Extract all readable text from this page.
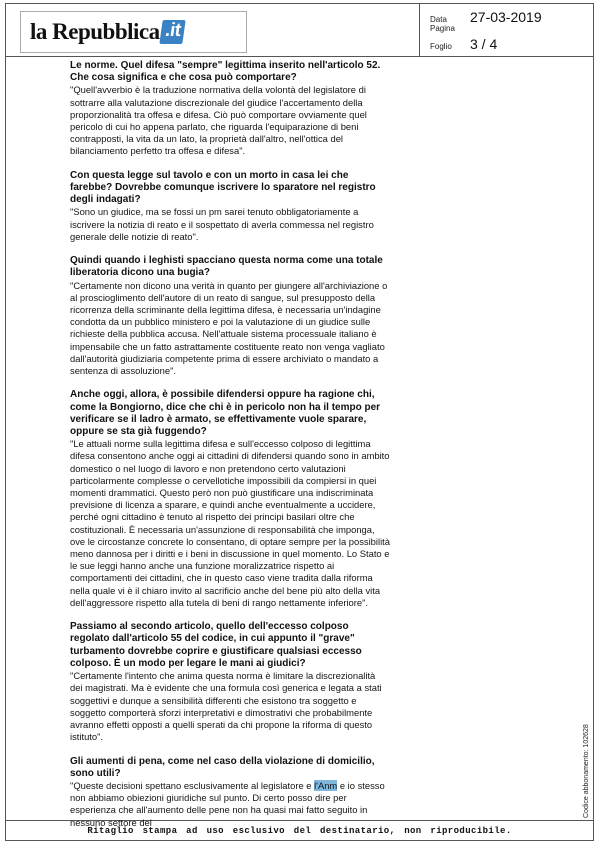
la Repubblica .it
Data	27-03-2019
Pagina
Foglio	3 / 4
Le norme. Quel difesa "sempre" legittima inserito nell'articolo 52. Che cosa significa e che cosa può comportare?
"Quell'avverbio è la traduzione normativa della volontà del legislatore di sottrarre alla valutazione discrezionale del giudice l'accertamento della proporzionalità tra offesa e difesa. Ciò può comportare ovviamente quel pericolo di cui ho appena parlato, che riguarda l'equiparazione di beni contrapposti, la vita da un lato, la proprietà dall'altro, nell'ottica del bilanciamento perfetto tra offesa e difesa".
Con questa legge sul tavolo e con un morto in casa lei che farebbe? Dovrebbe comunque iscrivere lo sparatore nel registro degli indagati?
"Sono un giudice, ma se fossi un pm sarei tenuto obbligatoriamente a iscrivere la notizia di reato e il sospettato di averla commessa nel registro generale delle notizie di reato".
Quindi quando i leghisti spacciano questa norma come una totale liberatoria dicono una bugia?
"Certamente non dicono una verità in quanto per giungere all'archiviazione o al proscioglimento dell'autore di un reato di sangue, sul presupposto della ricorrenza della scriminante della legittima difesa, è necessaria un'indagine condotta da un pubblico ministero e poi la valutazione di un giudice sulle richieste della pubblica accusa. Nell'attuale sistema processuale italiano è impensabile che un fatto astrattamente costituente reato non venga vagliato dall'autorità giudiziaria competente prima di essere archiviato o mandato a sentenza di assoluzione".
Anche oggi, allora, è possibile difendersi oppure ha ragione chi, come la Bongiorno, dice che chi è in pericolo non ha il tempo per verificare se il ladro è armato, se effettivamente vuole sparare, oppure se sta già fuggendo?
"Le attuali norme sulla legittima difesa e sull'eccesso colposo di legittima difesa consentono anche oggi ai cittadini di difendersi quando sono in ambito domestico o nel luogo di lavoro e non pretendono certo valutazioni particolarmente complesse o cervellotiche impossibili da compiersi in quei momenti drammatici. Questo però non può giustificare una indiscriminata previsione di licenza a sparare, e quindi anche eventualmente a uccidere, perché ogni cittadino è tenuto al rispetto dei principi basilari oltre che costituzionali. È necessaria un'assunzione di responsabilità che imponga, ove le circostanze concrete lo consentano, di optare sempre per la possibilità meno dannosa per i diritti e i beni in discussione in quel momento. Lo Stato e le sue leggi hanno anche una funzione moralizzatrice rispetto ai comportamenti dei cittadini, che in questo caso viene tradita dalla riforma nella quale vi è il chiaro invito al sacrificio anche del bene più alto della vita dell'aggressore rispetto alla tutela di beni di rango nettamente inferiore".
Passiamo al secondo articolo, quello dell'eccesso colposo regolato dall'articolo 55 del codice, in cui appunto il "grave" turbamento dovrebbe coprire e giustificare qualsiasi eccesso colposo. È un modo per legare le mani ai giudici?
"Certamente l'intento che anima questa norma è limitare la discrezionalità dei magistrati. Ma è evidente che una formula così generica e legata a stati soggettivi e dunque a sensibilità differenti che esistono tra soggetto e soggetto comporterà sforzi interpretativi e dimostrativi che probabilmente avranno effetti opposti a quelli sperati da chi propone la riforma di questo istituto".
Gli aumenti di pena, come nel caso della violazione di domicilio, sono utili?
"Queste decisioni spettano esclusivamente al legislatore e l'Anm e io stesso non abbiamo obiezioni giuridiche sul punto. Di certo posso dire per esperienza che all'aumento delle pene non ha quasi mai fatto seguito in nessuno settore del
Codice abbonamento: 102628
Ritaglio stampa ad uso esclusivo del destinatario, non riproducibile.
